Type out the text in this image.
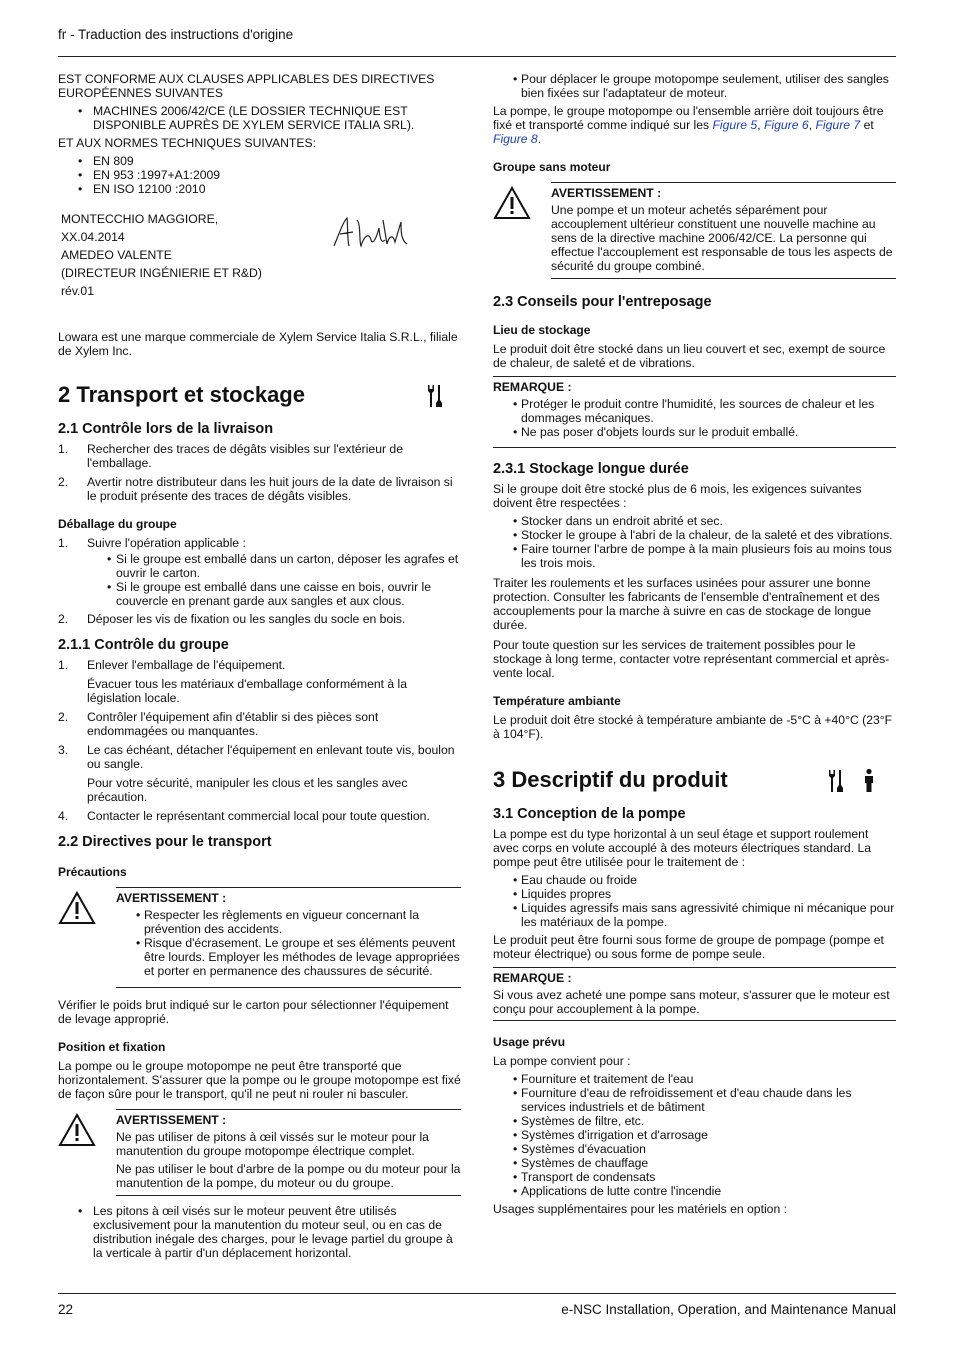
fr - Traduction des instructions d'origine

EST CONFORME AUX CLAUSES APPLICABLES DES DIRECTIVES EUROPÉENNES SUIVANTES

• MACHINES 2006/42/CE (LE DOSSIER TECHNIQUE EST DISPONIBLE AUPRÈS DE XYLEM SERVICE ITALIA SRL).

ET AUX NORMES TECHNIQUES SUIVANTES:

• EN 809
• EN 953 :1997+A1:2009
• EN ISO 12100 :2010
MONTECCHIO MAGGIORE,
XX.04.2014
AMEDEO VALENTE
(DIRECTEUR INGÉNIERIE ET R&D)
rév.01

Lowara est une marque commerciale de Xylem Service Italia S.R.L., filiale de Xylem Inc.

2 Transport et stockage
2.1 Contrôle lors de la livraison
1. Rechercher des traces de dégâts visibles sur l'extérieur de l'emballage.
2. Avertir notre distributeur dans les huit jours de la date de livraison si le produit présente des traces de dégâts visibles.
Déballage du groupe
1. Suivre l'opération applicable :
• Si le groupe est emballé dans un carton, déposer les agrafes et ouvrir le carton.
• Si le groupe est emballé dans une caisse en bois, ouvrir le couvercle en prenant garde aux sangles et aux clous.
2. Déposer les vis de fixation ou les sangles du socle en bois.
2.1.1 Contrôle du groupe
1. Enlever l'emballage de l'équipement.
Évacuer tous les matériaux d'emballage conformément à la législation locale.
2. Contrôler l'équipement afin d'établir si des pièces sont endommagées ou manquantes.
3. Le cas échéant, détacher l'équipement en enlevant toute vis, boulon ou sangle.
Pour votre sécurité, manipuler les clous et les sangles avec précaution.
4. Contacter le représentant commercial local pour toute question.
2.2 Directives pour le transport
Précautions
AVERTISSEMENT :
• Respecter les règlements en vigueur concernant la prévention des accidents.
• Risque d'écrasement. Le groupe et ses éléments peuvent être lourds. Employer les méthodes de levage appropriées et porter en permanence des chaussures de sécurité.

Vérifier le poids brut indiqué sur le carton pour sélectionner l'équipement de levage approprié.

Position et fixation

La pompe ou le groupe motopompe ne peut être transporté que horizontalement. S'assurer que la pompe ou le groupe motopompe est fixé de façon sûre pour le transport, qu'il ne peut ni rouler ni basculer.

AVERTISSEMENT :

Ne pas utiliser de pitons à œil vissés sur le moteur pour la manutention du groupe motopompe électrique complet.

Ne pas utiliser le bout d'arbre de la pompe ou du moteur pour la manutention de la pompe, du moteur ou du groupe.

• Les pitons à œil visés sur le moteur peuvent être utilisés exclusivement pour la manutention du moteur seul, ou en cas de distribution inégale des charges, pour le levage partiel du groupe à la verticale à partir d'un déplacement horizontal.
• Pour déplacer le groupe motopompe seulement, utiliser des sangles bien fixées sur l'adaptateur de moteur.

La pompe, le groupe motopompe ou l'ensemble arrière doit toujours être fixé et transporté comme indiqué sur les Figure 5, Figure 6, Figure 7 et Figure 8.

Groupe sans moteur
AVERTISSEMENT :

Une pompe et un moteur achetés séparément pour accouplement ultérieur constituent une nouvelle machine au sens de la directive machine 2006/42/CE. La personne qui effectue l'accouplement est responsable de tous les aspects de sécurité du groupe combiné.

2.3 Conseils pour l'entreposage
Lieu de stockage

Le produit doit être stocké dans un lieu couvert et sec, exempt de source de chaleur, de saleté et de vibrations.

REMARQUE :
• Protéger le produit contre l'humidité, les sources de chaleur et les dommages mécaniques.
• Ne pas poser d'objets lourds sur le produit emballé.
2.3.1 Stockage longue durée

Si le groupe doit être stocké plus de 6 mois, les exigences suivantes doivent être respectées :

• Stocker dans un endroit abrité et sec.
• Stocker le groupe à l'abri de la chaleur, de la saleté et des vibrations.
• Faire tourner l'arbre de pompe à la main plusieurs fois au moins tous les trois mois.

Traiter les roulements et les surfaces usinées pour assurer une bonne protection. Consulter les fabricants de l'ensemble d'entraînement et des accouplements pour la marche à suivre en cas de stockage de longue durée.

Pour toute question sur les services de traitement possibles pour le stockage à long terme, contacter votre représentant commercial et après-vente local.

Température ambiante

Le produit doit être stocké à température ambiante de -5°C à +40°C (23°F à 104°F).

3 Descriptif du produit
3.1 Conception de la pompe

La pompe est du type horizontal à un seul étage et support roulement avec corps en volute accouplé à des moteurs électriques standard. La pompe peut être utilisée pour le traitement de :

• Eau chaude ou froide
• Liquides propres
• Liquides agressifs mais sans agressivité chimique ni mécanique pour les matériaux de la pompe.

Le produit peut être fourni sous forme de groupe de pompage (pompe et moteur électrique) ou sous forme de pompe seule.

REMARQUE :

Si vous avez acheté une pompe sans moteur, s'assurer que le moteur est conçu pour accouplement à la pompe.

Usage prévu

La pompe convient pour :

• Fourniture et traitement de l'eau
• Fourniture d'eau de refroidissement et d'eau chaude dans les services industriels et de bâtiment
• Systèmes de filtre, etc.
• Systèmes d'irrigation et d'arrosage
• Systèmes d'évacuation
• Systèmes de chauffage
• Transport de condensats
• Applications de lutte contre l'incendie

Usages supplémentaires pour les matériels en option :

22	e-NSC Installation, Operation, and Maintenance Manual
